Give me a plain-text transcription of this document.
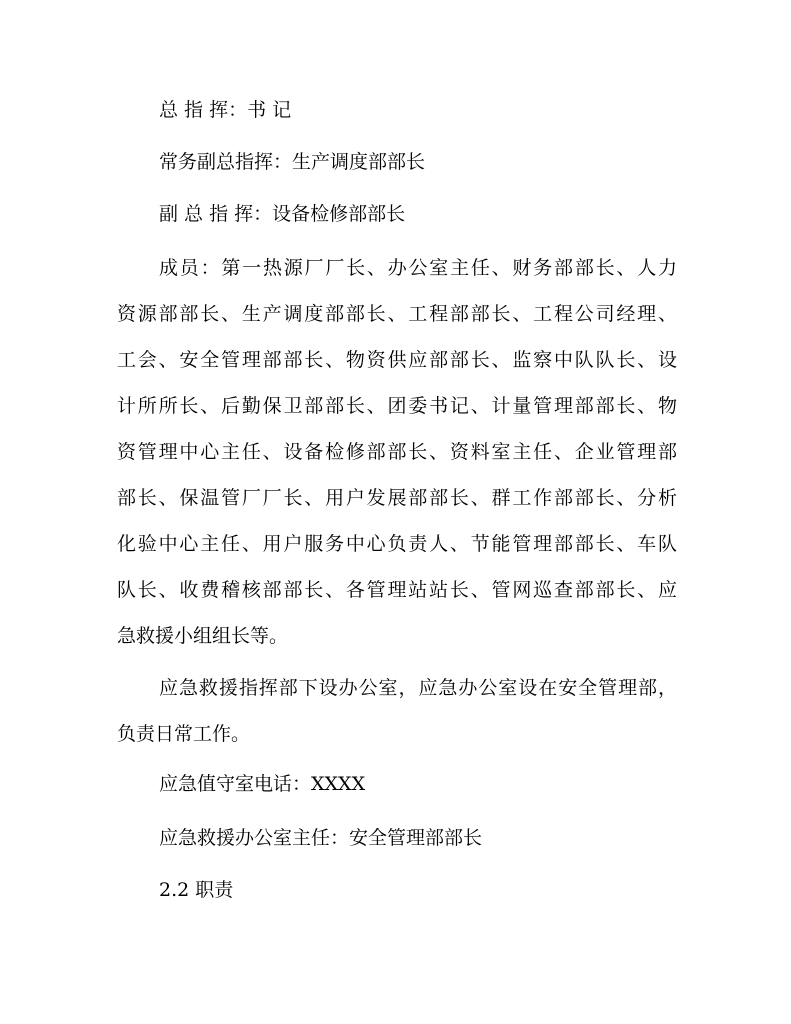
总 指 挥：书 记

常务副总指挥：生产调度部部长

副 总 指 挥：设备检修部部长

成员：第一热源厂厂长、办公室主任、财务部部长、人力

资源部部长、生产调度部部长、工程部部长、工程公司经理、

工会、安全管理部部长、物资供应部部长、监察中队队长、设

计所所长、后勤保卫部部长、团委书记、计量管理部部长、物

资管理中心主任、设备检修部部长、资料室主任、企业管理部

部长、保温管厂厂长、用户发展部部长、群工作部部长、分析

化验中心主任、用户服务中心负责人、节能管理部部长、车队

队长、收费稽核部部长、各管理站站长、管网巡查部部长、应

急救援小组组长等。

应急救援指挥部下设办公室，应急办公室设在安全管理部，

负责日常工作。

应急值守室电话：XXXX

应急救援办公室主任：安全管理部部长

2.2 职责
